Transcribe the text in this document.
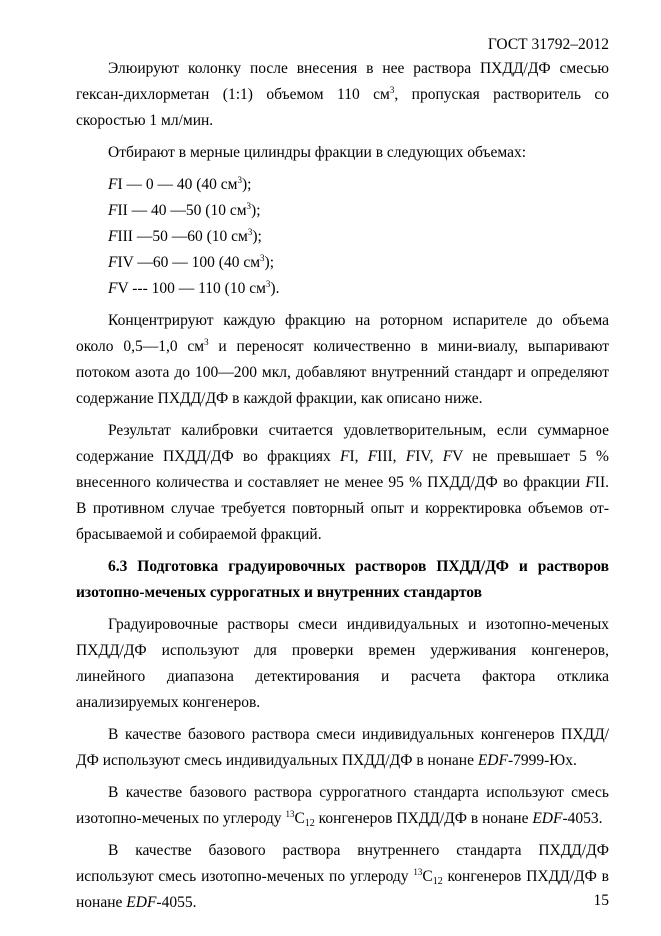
ГОСТ 31792–2012

Элюируют колонку после внесения в нее раствора ПХДД/ДФ смесью гексан-дихлорметан (1:1) объемом 110 $см^3$, пропуская растворитель со скоростью 1 мл/мин.

Отбирают в мерные цилиндры фракции в следующих объемах:

FI — 0 — 40 (40 $см^3$);

FII — 40 —50 (10 $см^3$);

FIII —50 —60 (10 $см^3$);

FIV —60 — 100 (40 $см^3$);

FV --- 100 — 110 (10 $см^3$).

Концентрируют каждую фракцию на роторном испарителе до объема около 0,5—1,0 $см^3$ и переносят количественно в мини-виалу, выпаривают потоком азота до 100—200 мкл, добавляют внутренний стандарт и определяют содержание ПХДД/ДФ в каждой фракции, как описано ниже.

Результат калибровки считается удовлетворительным, если суммарное содержание ПХДД/ДФ во фракциях FI, FIII, FIV, FV не превышает 5 % внесенного количества и составляет не менее 95 % ПХДД/ДФ во фракции FII. В противном случае требуется повторный опыт и корректировка объемов от-брасываемой и собираемой фракций.

6.3 Подготовка градуировочных растворов ПХДД/ДФ и растворов изотопно-меченых суррогатных и внутренних стандартов

Градуировочные растворы смеси индивидуальных и изотопно-меченых ПХДД/ДФ используют для проверки времен удерживания конгенеров, линейного диапазона детектирования и расчета фактора отклика анализируемых конгенеров.

В качестве базового раствора смеси индивидуальных конгенеров ПХДД/ДФ используют смесь индивидуальных ПХДД/ДФ в нонане EDF-7999-Юх.

В качестве базового раствора суррогатного стандарта используют смесь изотопно-меченых по углероду $^{13}C_{12}$ конгенеров ПХДД/ДФ в нонане EDF-4053.

В качестве базового раствора внутреннего стандарта ПХДД/ДФ используют смесь изотопно-меченых по углероду $^{13}C_{12}$ конгенеров ПХДД/ДФ в нонане EDF-4055.	15
